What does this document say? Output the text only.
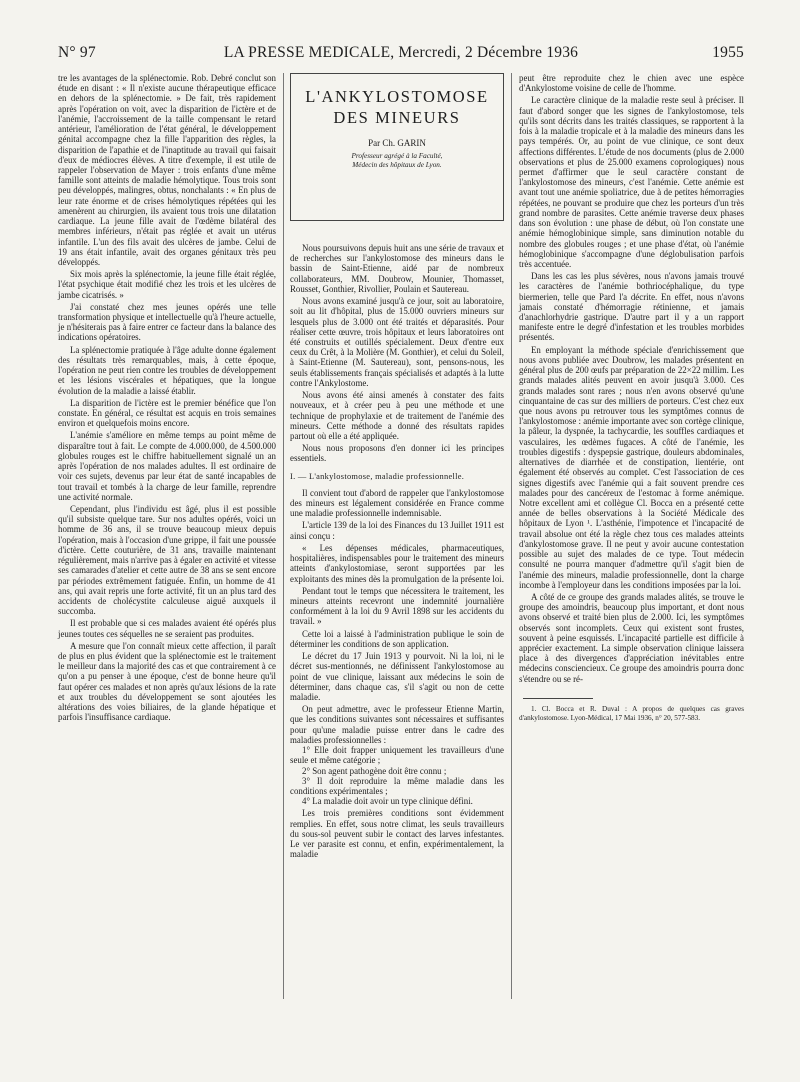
N° 97	LA PRESSE MEDICALE, Mercredi, 2 Décembre 1936	1955

tre les avantages de la splénectomie. Rob. Debré conclut son étude en disant : « Il n'existe aucune thérapeutique efficace en dehors de la splénectomie. » De fait, très rapidement après l'opération on voit, avec la disparition de l'ictère et de l'anémie, l'accroissement de la taille compensant le retard antérieur, l'amélioration de l'état général, le développement génital accompagne chez la fille l'apparition des règles, la disparition de l'apathie et de l'inaptitude au travail qui faisait d'eux de médiocres élèves. A titre d'exemple, il est utile de rappeler l'observation de Mayer : trois enfants d'une même famille sont atteints de maladie hémolytique. Tous trois sont peu développés, malingres, obtus, nonchalants : « En plus de leur rate énorme et de crises hémolytiques répétées qui les amenèrent au chirurgien, ils avaient tous trois une dilatation cardiaque. La jeune fille avait de l'œdème bilatéral des membres inférieurs, n'était pas réglée et avait un utérus infantile. L'un des fils avait des ulcères de jambe. Celui de 19 ans était infantile, avait des organes génitaux très peu développés.

Six mois après la splénectomie, la jeune fille était réglée, l'état psychique était modifié chez les trois et les ulcères de jambe cicatrisés. »

J'ai constaté chez mes jeunes opérés une telle transformation physique et intellectuelle qu'à l'heure actuelle, je n'hésiterais pas à faire entrer ce facteur dans la balance des indications opératoires.

La splénectomie pratiquée à l'âge adulte donne également des résultats très remarquables, mais, à cette époque, l'opération ne peut rien contre les troubles de développement et les lésions viscérales et hépatiques, que la longue évolution de la maladie a laissé établir.

La disparition de l'ictère est le premier bénéfice que l'on constate. En général, ce résultat est acquis en trois semaines environ et quelquefois moins encore.

L'anémie s'améliore en même temps au point même de disparaître tout à fait. Le compte de 4.000.000, de 4.500.000 globules rouges est le chiffre habituellement signalé un an après l'opération de nos malades adultes. Il est ordinaire de voir ces sujets, devenus par leur état de santé incapables de tout travail et tombés à la charge de leur famille, reprendre une activité normale.

Cependant, plus l'individu est âgé, plus il est possible qu'il subsiste quelque tare. Sur nos adultes opérés, voici un homme de 36 ans, il se trouve beaucoup mieux depuis l'opération, mais à l'occasion d'une grippe, il fait une poussée d'ictère. Cette couturière, de 31 ans, travaille maintenant régulièrement, mais n'arrive pas à égaler en activité et vitesse ses camarades d'atelier et cette autre de 38 ans se sent encore par périodes extrêmement fatiguée. Enfin, un homme de 41 ans, qui avait repris une forte activité, fit un an plus tard des accidents de cholécystite calculeuse aiguë auxquels il succomba.

Il est probable que si ces malades avaient été opérés plus jeunes toutes ces séquelles ne se seraient pas produites.

A mesure que l'on connaît mieux cette affection, il paraît de plus en plus évident que la splénectomie est le traitement le meilleur dans la majorité des cas et que contrairement à ce qu'on a pu penser à une époque, c'est de bonne heure qu'il faut opérer ces malades et non après qu'aux lésions de la rate et aux troubles du développement se sont ajoutées les altérations des voies biliaires, de la glande hépatique et parfois l'insuffisance cardiaque.

L'ANKYLOSTOMOSE
DES MINEURS
Par Ch. GARIN
Professeur agrégé à la Faculté,
Médecin des hôpitaux de Lyon.

Nous poursuivons depuis huit ans une série de travaux et de recherches sur l'ankylostomose des mineurs dans le bassin de Saint-Etienne, aidé par de nombreux collaborateurs, MM. Doubrow, Mounier, Thomasset, Rousset, Gonthier, Rivollier, Poulain et Sautereau.

Nous avons examiné jusqu'à ce jour, soit au laboratoire, soit au lit d'hôpital, plus de 15.000 ouvriers mineurs sur lesquels plus de 3.000 ont été traités et déparasités. Pour réaliser cette œuvre, trois hôpitaux et leurs laboratoires ont été construits et outillés spécialement. Deux d'entre eux ceux du Crêt, à la Molière (M. Gonthier), et celui du Soleil, à Saint-Etienne (M. Sautereau), sont, pensons-nous, les seuls établissements français spécialisés et adaptés à la lutte contre l'Ankylostome.

Nous avons été ainsi amenés à constater des faits nouveaux, et à créer peu à peu une méthode et une technique de prophylaxie et de traitement de l'anémie des mineurs. Cette méthode a donné des résultats rapides partout où elle a été appliquée.

Nous nous proposons d'en donner ici les principes essentiels.

I. — L'ankylostomose, maladie professionnelle.

Il convient tout d'abord de rappeler que l'ankylostomose des mineurs est légalement considérée en France comme une maladie professionnelle indemnisable.

L'article 139 de la loi des Finances du 13 Juillet 1911 est ainsi conçu :

« Les dépenses médicales, pharmaceutiques, hospitalières, indispensables pour le traitement des mineurs atteints d'ankylostomiase, seront supportées par les exploitants des mines dès la promulgation de la présente loi.

Pendant tout le temps que nécessitera le traitement, les mineurs atteints recevront une indemnité journalière conformément à la loi du 9 Avril 1898 sur les accidents du travail. »

Cette loi a laissé à l'administration publique le soin de déterminer les conditions de son application.

Le décret du 17 Juin 1913 y pourvoit. Ni la loi, ni le décret sus-mentionnés, ne définissent l'ankylostomose au point de vue clinique, laissant aux médecins le soin de déterminer, dans chaque cas, s'il s'agit ou non de cette maladie.

On peut admettre, avec le professeur Etienne Martin, que les conditions suivantes sont nécessaires et suffisantes pour qu'une maladie puisse entrer dans le cadre des maladies professionnelles :

1° Elle doit frapper uniquement les travailleurs d'une seule et même catégorie ;

2° Son agent pathogène doit être connu ;

3° Il doit reproduire la même maladie dans les conditions expérimentales ;

4° La maladie doit avoir un type clinique défini.

Les trois premières conditions sont évidemment remplies. En effet, sous notre climat, les seuls travailleurs du sous-sol peuvent subir le contact des larves infestantes. Le ver parasite est connu, et enfin, expérimentalement, la maladie

peut être reproduite chez le chien avec une espèce d'Ankylostome voisine de celle de l'homme.

Le caractère clinique de la maladie reste seul à préciser. Il faut d'abord songer que les signes de l'ankylostomose, tels qu'ils sont décrits dans les traités classiques, se rapportent à la fois à la maladie tropicale et à la maladie des mineurs dans les pays tempérés. Or, au point de vue clinique, ce sont deux affections différentes. L'étude de nos documents (plus de 2.000 observations et plus de 25.000 examens coprologiques) nous permet d'affirmer que le seul caractère constant de l'ankylostomose des mineurs, c'est l'anémie. Cette anémie est avant tout une anémie spoliatrice, due à de petites hémorragies répétées, ne pouvant se produire que chez les porteurs d'un très grand nombre de parasites. Cette anémie traverse deux phases dans son évolution : une phase de début, où l'on constate une anémie hémoglobinique simple, sans diminution notable du nombre des globules rouges ; et une phase d'état, où l'anémie hémoglobinique s'accompagne d'une déglobulisation parfois très accentuée.

Dans les cas les plus sévères, nous n'avons jamais trouvé les caractères de l'anémie bothriocéphalique, du type biermerien, telle que Pard l'a décrite. En effet, nous n'avons jamais constaté d'hémorragie rétinienne, et jamais d'anachlorhydrie gastrique. D'autre part il y a un rapport manifeste entre le degré d'infestation et les troubles morbides présentés.

En employant la méthode spéciale d'enrichissement que nous avons publiée avec Doubrow, les malades présentent en général plus de 200 œufs par préparation de 22×22 millim. Les grands malades alités peuvent en avoir jusqu'à 3.000. Ces grands malades sont rares ; nous n'en avons observé qu'une cinquantaine de cas sur des milliers de porteurs. C'est chez eux que nous avons pu retrouver tous les symptômes connus de l'ankylostomose : anémie importante avec son cortège clinique, la pâleur, la dyspnée, la tachycardie, les souffles cardiaques et vasculaires, les œdèmes fugaces. A côté de l'anémie, les troubles digestifs : dyspepsie gastrique, douleurs abdominales, alternatives de diarrhée et de constipation, lientérie, ont également été observés au complet. C'est l'association de ces signes digestifs avec l'anémie qui a fait souvent prendre ces malades pour des cancéreux de l'estomac à forme anémique. Notre excellent ami et collègue Cl. Bocca en a présenté cette année de belles observations à la Société Médicale des hôpitaux de Lyon ¹. L'asthénie, l'impotence et l'incapacité de travail absolue ont été la règle chez tous ces malades atteints d'ankylostomose grave. Il ne peut y avoir aucune contestation possible au sujet des malades de ce type. Tout médecin consulté ne pourra manquer d'admettre qu'il s'agit bien de l'anémie des mineurs, maladie professionnelle, dont la charge incombe à l'employeur dans les conditions imposées par la loi.

A côté de ce groupe des grands malades alités, se trouve le groupe des amoindris, beaucoup plus important, et dont nous avons observé et traité bien plus de 2.000. Ici, les symptômes observés sont incomplets. Ceux qui existent sont frustes, souvent à peine esquissés. L'incapacité partielle est difficile à apprécier exactement. La simple observation clinique laissera place à des divergences d'appréciation inévitables entre médecins consciencieux. Ce groupe des amoindris pourra donc s'étendre ou se ré-

1. Cl. Bocca et R. Duval : A propos de quelques cas graves d'ankylostomose. Lyon-Médical, 17 Mai 1936, n° 20, 577-583.
